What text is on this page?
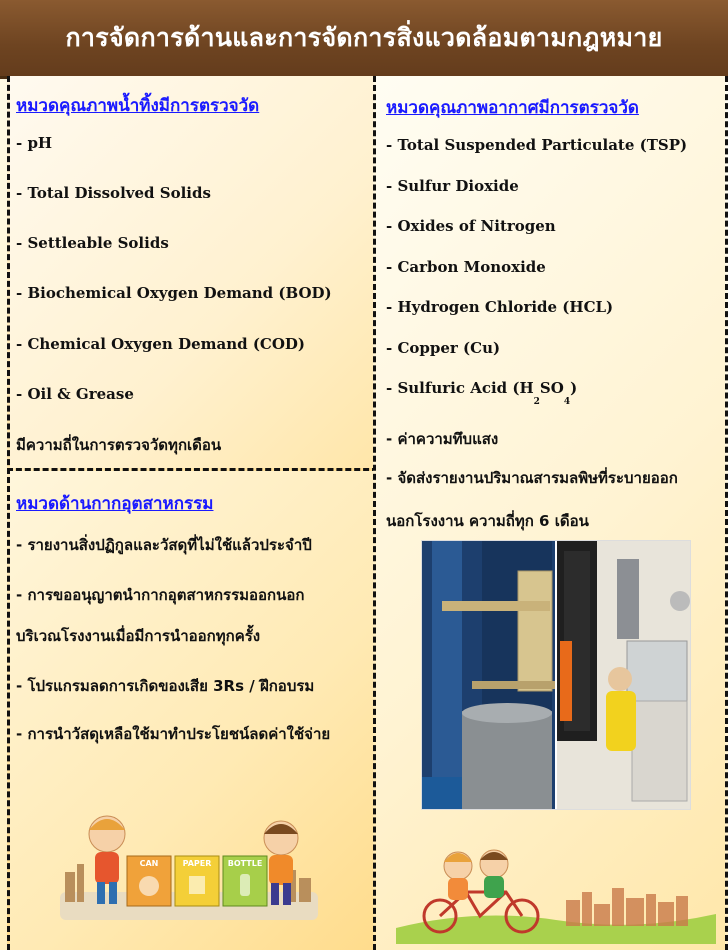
การจัดการด้านและการจัดการสิ่งแวดล้อมตามกฎหมาย
หมวดคุณภาพน้ำทิ้งมีการตรวจวัด
- pH
- Total Dissolved Solids
- Settleable Solids
- Biochemical Oxygen Demand (BOD)
- Chemical Oxygen Demand (COD)
- Oil & Grease
มีความถี่ในการตรวจวัดทุกเดือน
หมวดด้านกากอุตสาหกรรม
- รายงานสิ่งปฏิกูลและวัสดุที่ไม่ใช้แล้วประจำปี
- การขออนุญาตนำกากอุตสาหกรรมออกนอก
บริเวณโรงงานเมื่อมีการนำออกทุกครั้ง
- โปรแกรมลดการเกิดของเสีย 3Rs / ฝึกอบรม
- การนำวัสดุเหลือใช้มาทำประโยชน์ลดค่าใช้จ่าย
CAN	PAPER BOTTLE
หมวดคุณภาพอากาศมีการตรวจวัด
- Total Suspended Particulate (TSP)
- Sulfur Dioxide
- Oxides of Nitrogen
- Carbon Monoxide
- Hydrogen Chloride (HCL)
- Copper (Cu)
- Sulfuric Acid $(H_2SO_4)$
- ค่าความทึบแสง
- จัดส่งรายงานปริมาณสารมลพิษที่ระบายออก
นอกโรงงาน ความถี่ทุก 6 เดือน
